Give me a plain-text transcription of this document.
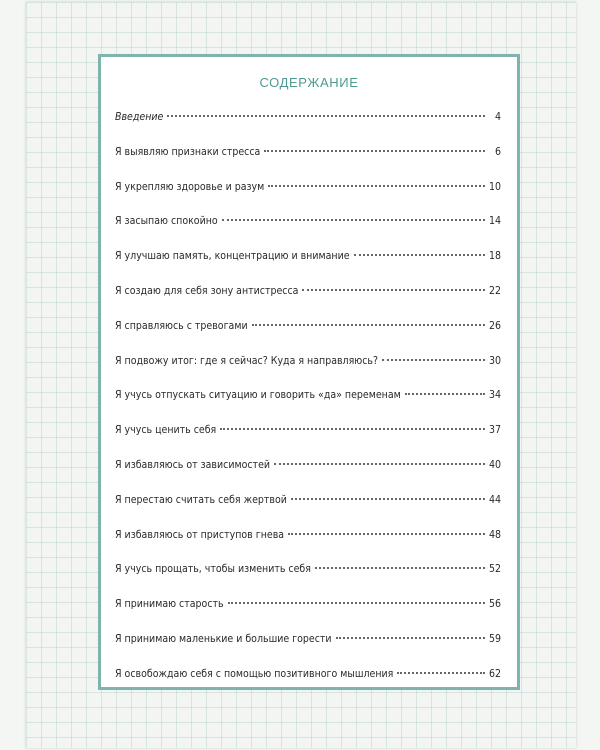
СОДЕРЖАНИЕ
Введение	4
Я выявляю признаки стресса	6
Я укрепляю здоровье и разум	10
Я засыпаю спокойно	14
Я улучшаю память, концентрацию и внимание	18
Я создаю для себя зону антистресса	22
Я справляюсь с тревогами	26
Я подвожу итог: где я сейчас? Куда я направляюсь?	30
Я учусь отпускать ситуацию и говорить «да» переменам	34
Я учусь ценить себя	37
Я избавляюсь от зависимостей	40
Я перестаю считать себя жертвой	44
Я избавляюсь от приступов гнева	48
Я учусь прощать, чтобы изменить себя	52
Я принимаю старость	56
Я принимаю маленькие и большие горести	59
Я освобождаю себя с помощью позитивного мышления	62
